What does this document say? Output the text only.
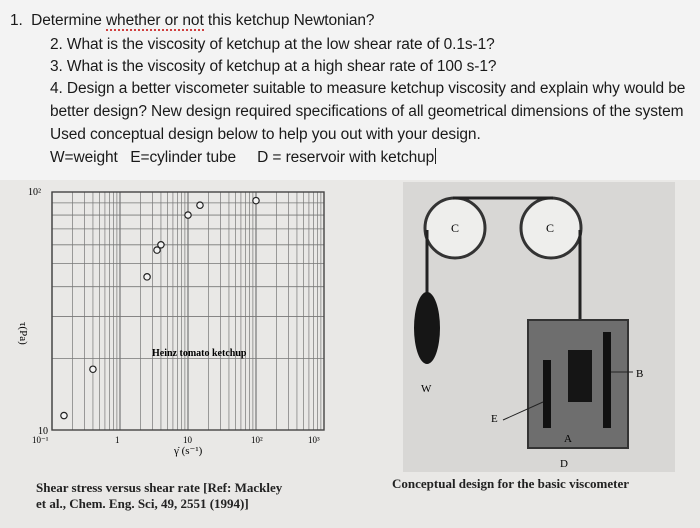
1. Determine whether or not this ketchup Newtonian?
2. What is the viscosity of ketchup at the low shear rate of 0.1s-1?
3. What is the viscosity of ketchup at a high shear rate of 100 s-1?
4. Design a better viscometer suitable to measure ketchup viscosity and explain why would be
better design? New design required specifications of all geometrical dimensions of the system
Used conceptual design below to help you out with your design.
W=weight   E=cylinder tube     D = reservoir with ketchup
10²
10
τ(Pa)
10⁻¹	1	10	10²	10³
γ̇ (s⁻¹)
Heinz tomato ketchup
Shear stress versus shear rate [Ref: Mackley
et al., Chem. Eng. Sci, 49, 2551 (1994)]
C	C
W
B
E
A
D
Conceptual design for the basic viscometer
